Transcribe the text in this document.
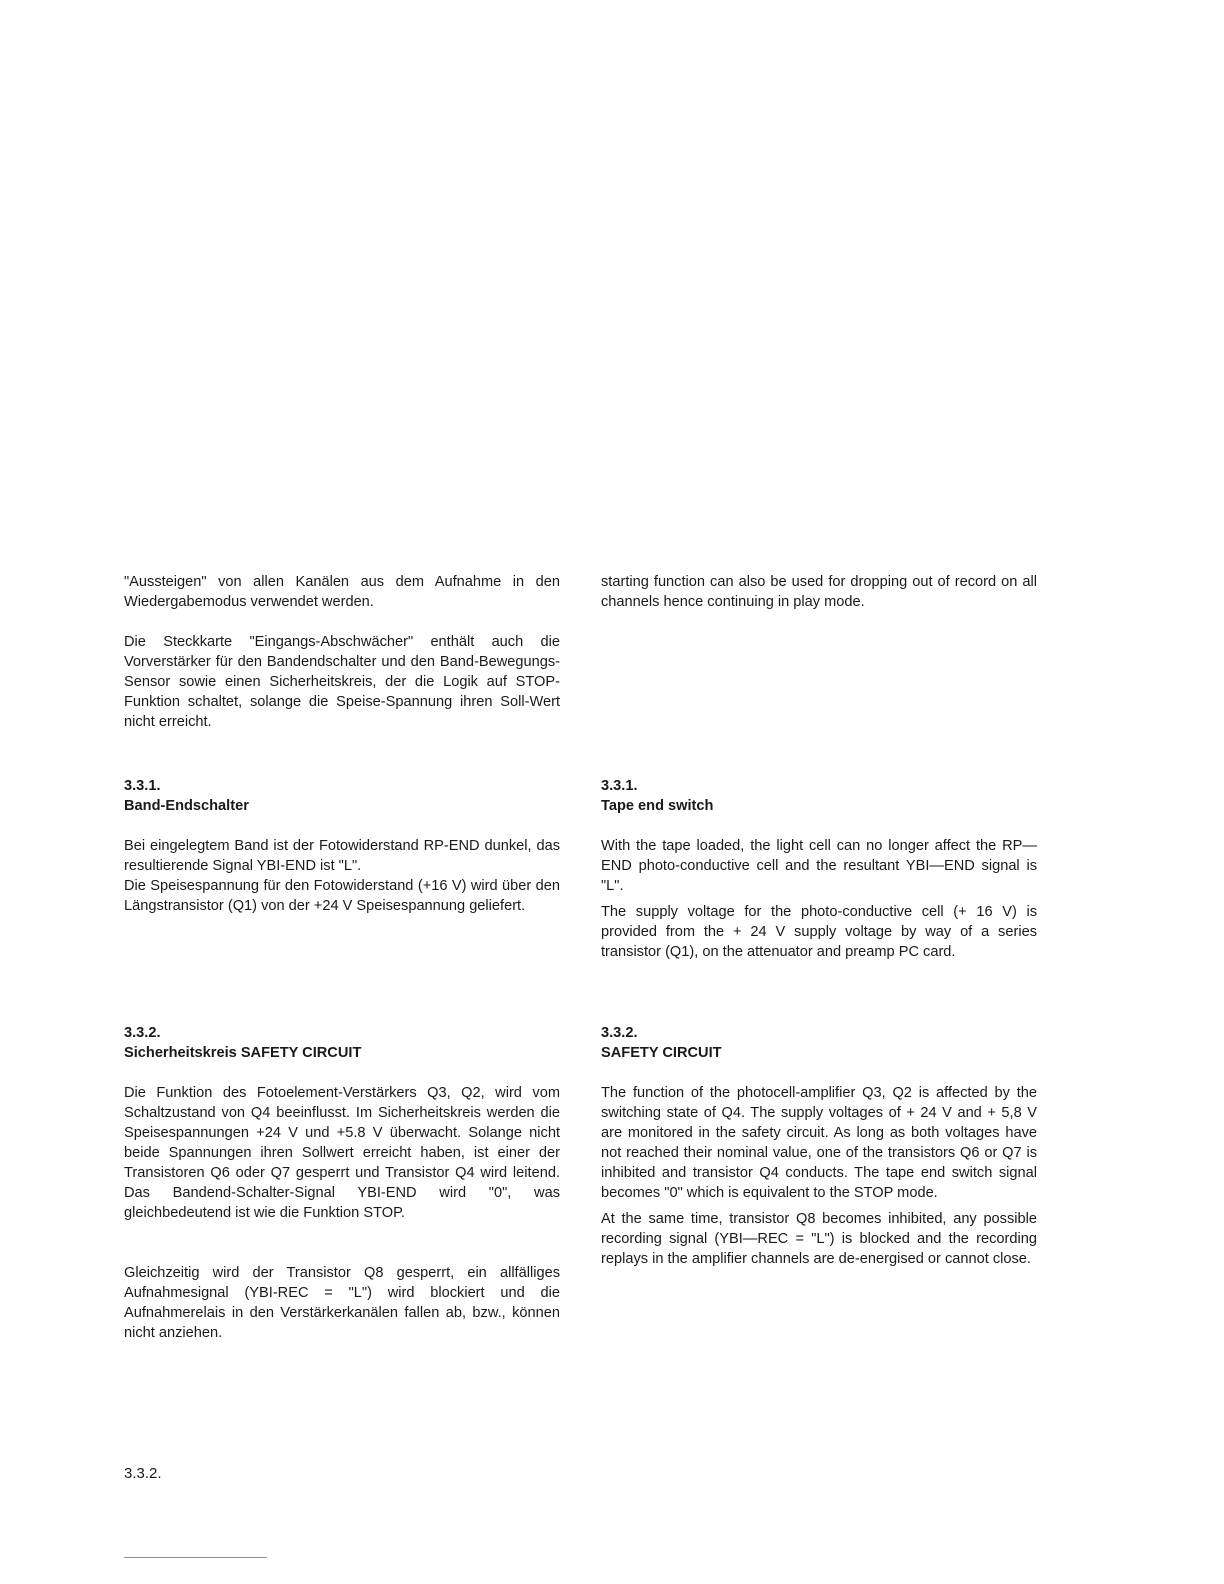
"Aussteigen" von allen Kanälen aus dem Aufnahme in den Wiedergabemodus verwendet werden.

Die Steckkarte "Eingangs-Abschwächer" enthält auch die Vorverstärker für den Bandendschalter und den Band-Bewegungs-Sensor sowie einen Sicherheitskreis, der die Logik auf STOP-Funktion schaltet, solange die Speise-Spannung ihren Soll-Wert nicht erreicht.

3.3.1.
Band-Endschalter

Bei eingelegtem Band ist der Fotowiderstand RP-END dunkel, das resultierende Signal YBI-END ist "L".

Die Speisespannung für den Fotowiderstand (+16 V) wird über den Längstransistor (Q1) von der +24 V Speisespannung geliefert.

3.3.2.
Sicherheitskreis SAFETY CIRCUIT

Die Funktion des Fotoelement-Verstärkers Q3, Q2, wird vom Schaltzustand von Q4 beeinflusst. Im Sicherheitskreis werden die Speisespannungen +24 V und +5.8 V überwacht. Solange nicht beide Spannungen ihren Sollwert erreicht haben, ist einer der Transistoren Q6 oder Q7 gesperrt und Transistor Q4 wird leitend. Das Bandend-Schalter-Signal YBI-END wird "0", was gleichbedeutend ist wie die Funktion STOP.

Gleichzeitig wird der Transistor Q8 gesperrt, ein allfälliges Aufnahmesignal (YBI-REC = "L") wird blockiert und die Aufnahmerelais in den Verstärkerkanälen fallen ab, bzw., können nicht anziehen.

starting function can also be used for dropping out of record on all channels hence continuing in play mode.

3.3.1.
Tape end switch

With the tape loaded, the light cell can no longer affect the RP—END photo-conductive cell and the resultant YBI—END signal is "L".

The supply voltage for the photo-conductive cell (+ 16 V) is provided from the + 24 V supply voltage by way of a series transistor (Q1), on the attenuator and preamp PC card.

3.3.2.
SAFETY CIRCUIT

The function of the photocell-amplifier Q3, Q2 is affected by the switching state of Q4. The supply voltages of + 24 V and + 5,8 V are monitored in the safety circuit. As long as both voltages have not reached their nominal value, one of the transistors Q6 or Q7 is inhibited and transistor Q4 conducts. The tape end switch signal becomes "0" which is equivalent to the STOP mode.

At the same time, transistor Q8 becomes inhibited, any possible recording signal (YBI—REC = "L") is blocked and the recording replays in the amplifier channels are de-energised or cannot close.

3.3.2.
